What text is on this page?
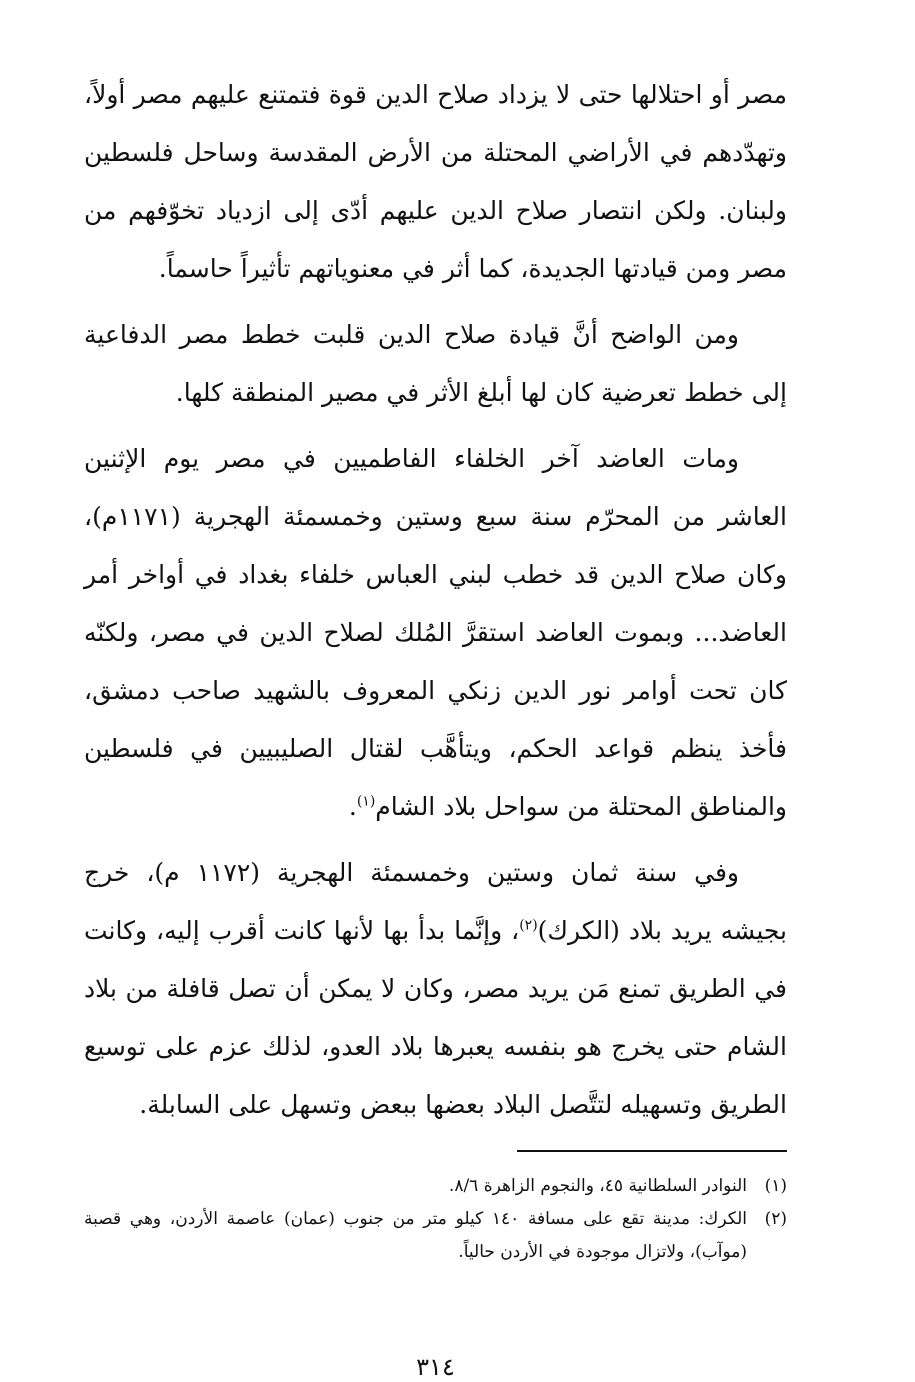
مصر أو احتلالها حتى لا يزداد صلاح الدين قوة فتمتنع عليهم مصر أولاً، وتهدّدهم في الأراضي المحتلة من الأرض المقدسة وساحل فلسطين ولبنان. ولكن انتصار صلاح الدين عليهم أدّى إلى ازدياد تخوّفهم من مصر ومن قيادتها الجديدة، كما أثر في معنوياتهم تأثيراً حاسماً.

ومن الواضح أنَّ قيادة صلاح الدين قلبت خطط مصر الدفاعية إلى خطط تعرضية كان لها أبلغ الأثر في مصير المنطقة كلها.

ومات العاضد آخر الخلفاء الفاطميين في مصر يوم الإثنين العاشر من المحرّم سنة سبع وستين وخمسمئة الهجرية (١١٧١م)، وكان صلاح الدين قد خطب لبني العباس خلفاء بغداد في أواخر أمر العاضد... وبموت العاضد استقرَّ المُلك لصلاح الدين في مصر، ولكنّه كان تحت أوامر نور الدين زنكي المعروف بالشهيد صاحب دمشق، فأخذ ينظم قواعد الحكم، ويتأهَّب لقتال الصليبيين في فلسطين والمناطق المحتلة من سواحل بلاد الشام$^{(١)}$.

وفي سنة ثمان وستين وخمسمئة الهجرية (١١٧٢ م)، خرج بجيشه يريد بلاد (الكرك)$^{(٢)}$، وإنَّما بدأ بها لأنها كانت أقرب إليه، وكانت في الطريق تمنع مَن يريد مصر، وكان لا يمكن أن تصل قافلة من بلاد الشام حتى يخرج هو بنفسه يعبرها بلاد العدو، لذلك عزم على توسيع الطريق وتسهيله لتتَّصل البلاد بعضها ببعض وتسهل على السابلة.

(١)
النوادر السلطانية ٤٥، والنجوم الزاهرة ٨/٦.
(٢)
الكرك: مدينة تقع على مسافة ١٤٠ كيلو متر من جنوب (عمان) عاصمة الأردن، وهي قصبة (موآب)، ولاتزال موجودة في الأردن حالياً.
٣١٤
